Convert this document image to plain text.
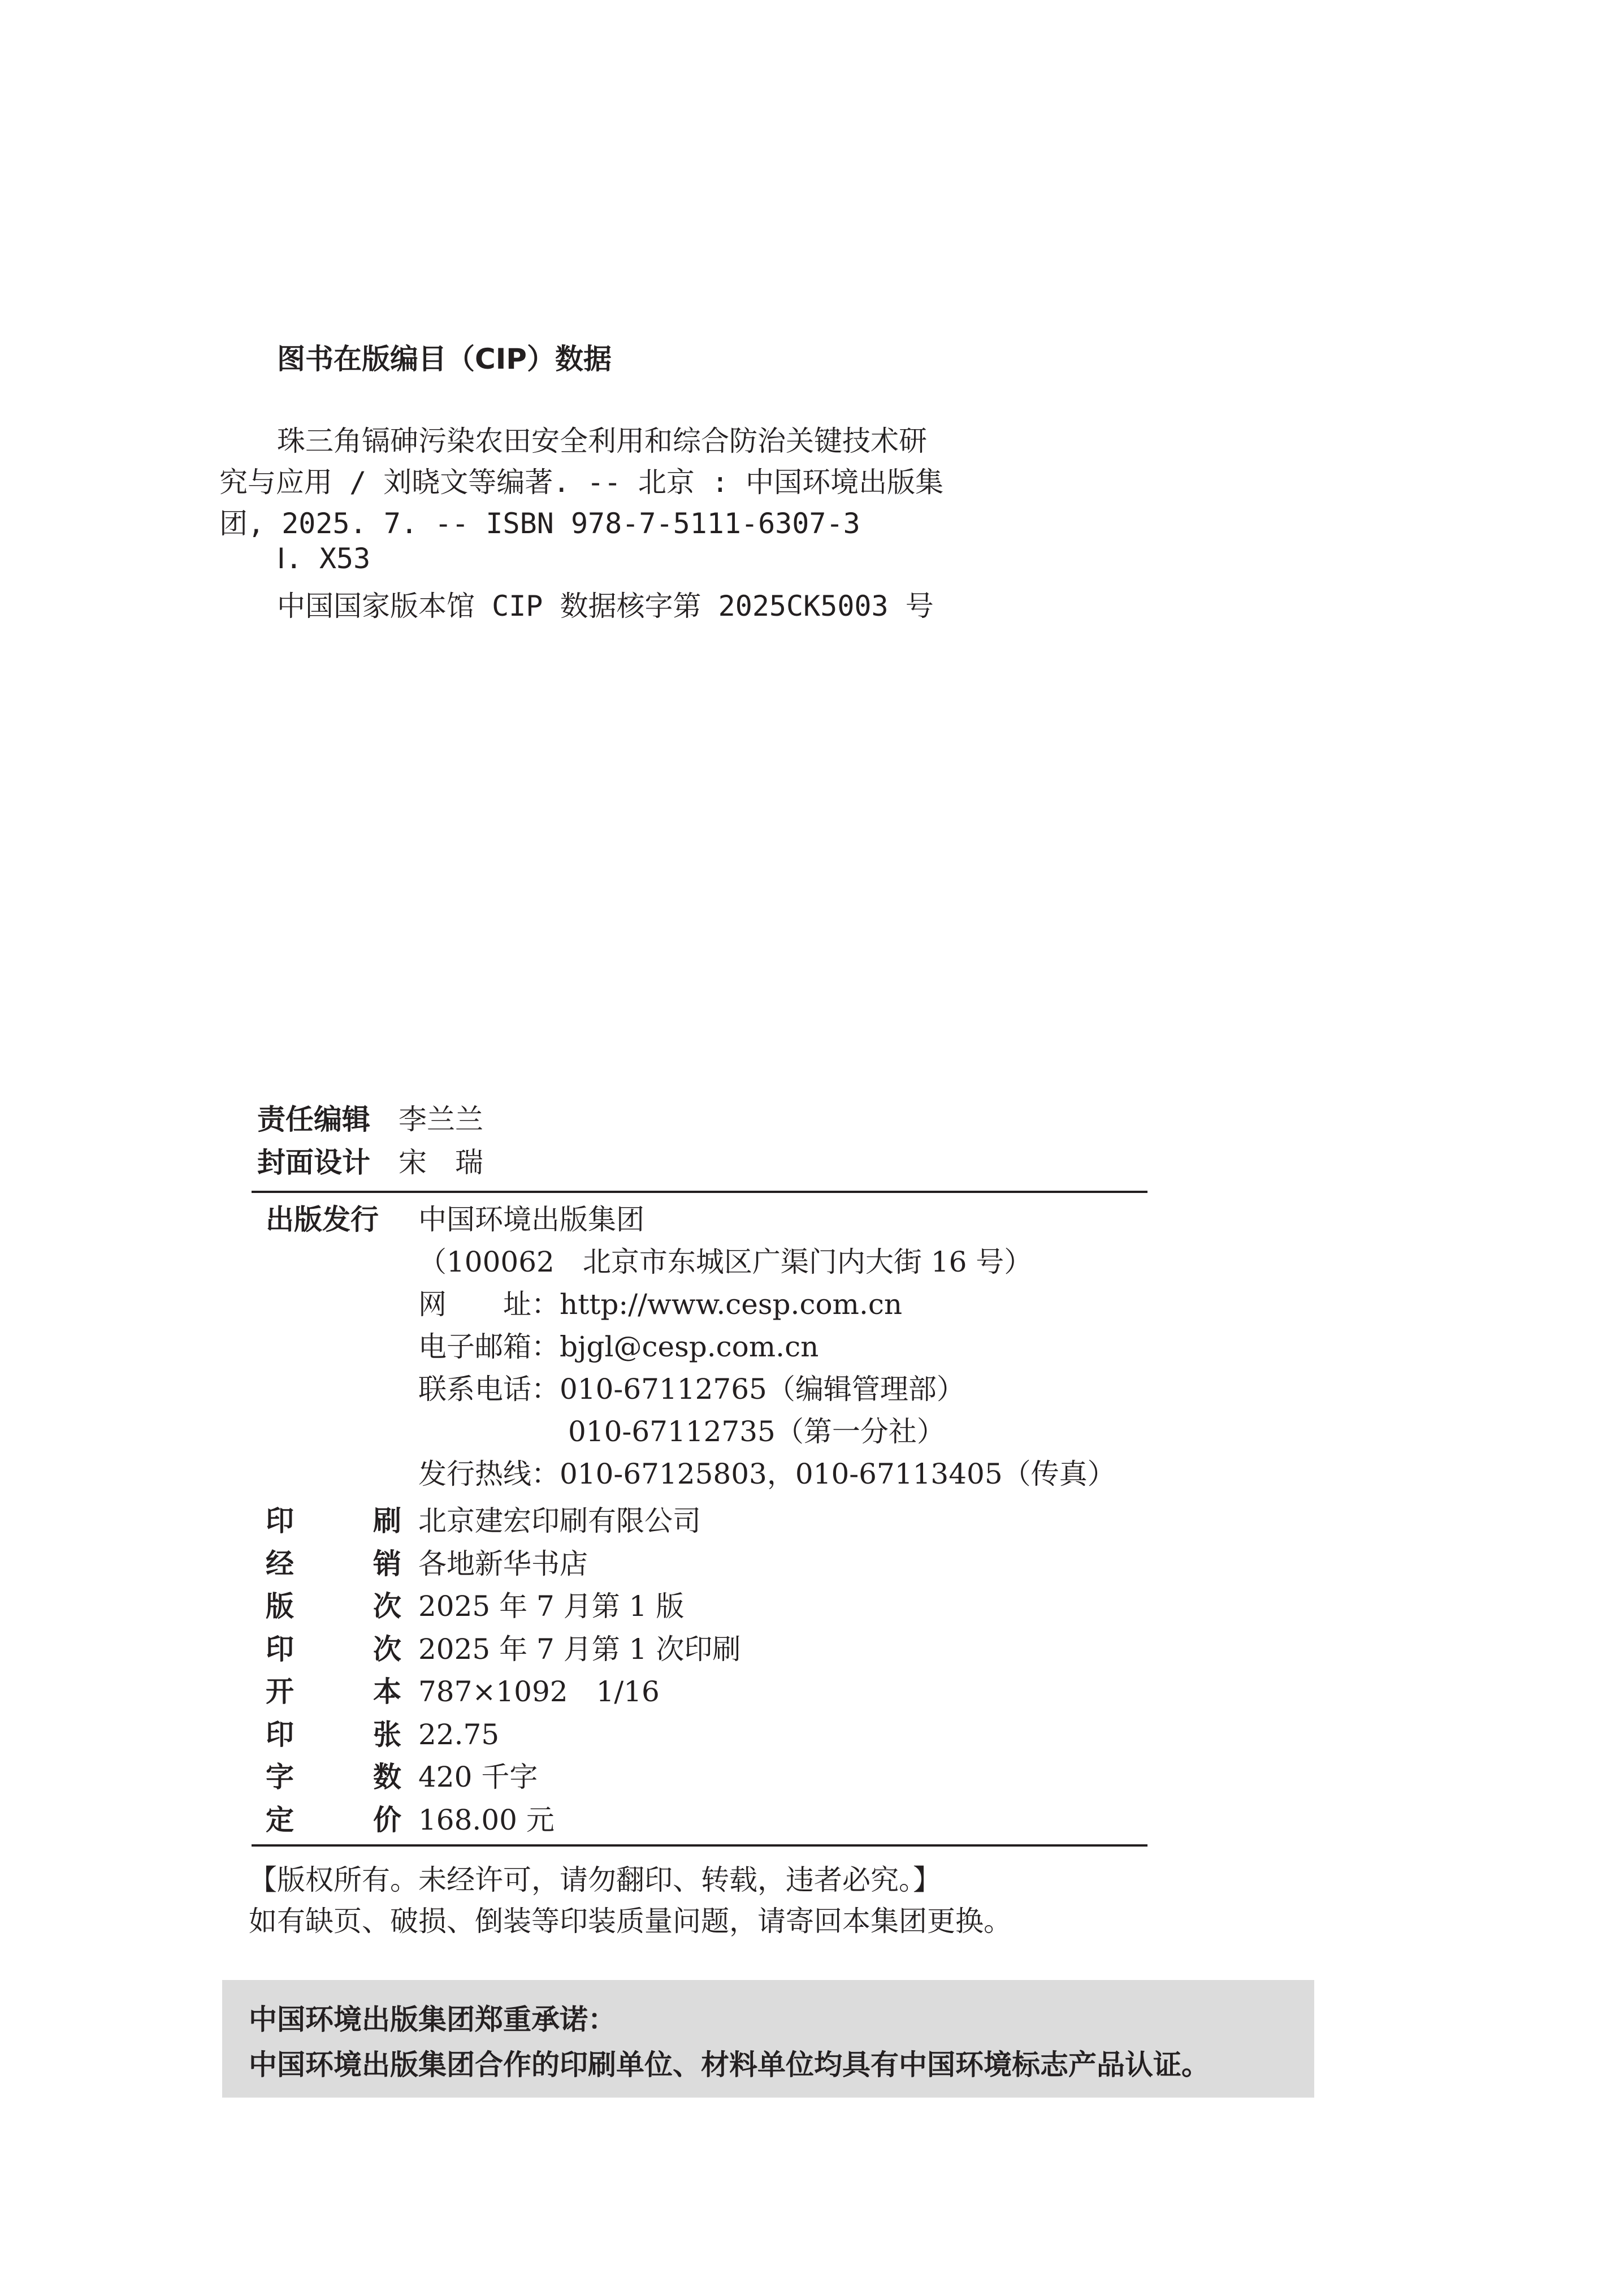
图书在版编目（CIP）数据
珠三角镉砷污染农田安全利用和综合防治关键技术研
究与应用 / 刘晓文等编著. -- 北京 : 中国环境出版集
团, 2025. 7. -- ISBN 978-7-5111-6307-3
Ⅰ. X53
中国国家版本馆 CIP 数据核字第 2025CK5003 号
责任编辑 李兰兰
封面设计 宋　瑞
出版发行 中国环境出版集团
（100062　北京市东城区广渠门内大街 16 号）
网　　址：http://www.cesp.com.cn
电子邮箱：bjgl@cesp.com.cn
联系电话：010-67112765（编辑管理部）
010-67112735（第一分社）
发行热线：010-67125803，010-67113405（传真）
印	刷 北京建宏印刷有限公司
经	销 各地新华书店
版	次 2025 年 7 月第 1 版
印	次 2025 年 7 月第 1 次印刷
开	本 787×1092　1/16
印	张 22.75
字	数 420 千字
定	价 168.00 元
【版权所有。未经许可，请勿翻印、转载，违者必究。】
如有缺页、破损、倒装等印装质量问题，请寄回本集团更换。
中国环境出版集团郑重承诺：
中国环境出版集团合作的印刷单位、材料单位均具有中国环境标志产品认证。
